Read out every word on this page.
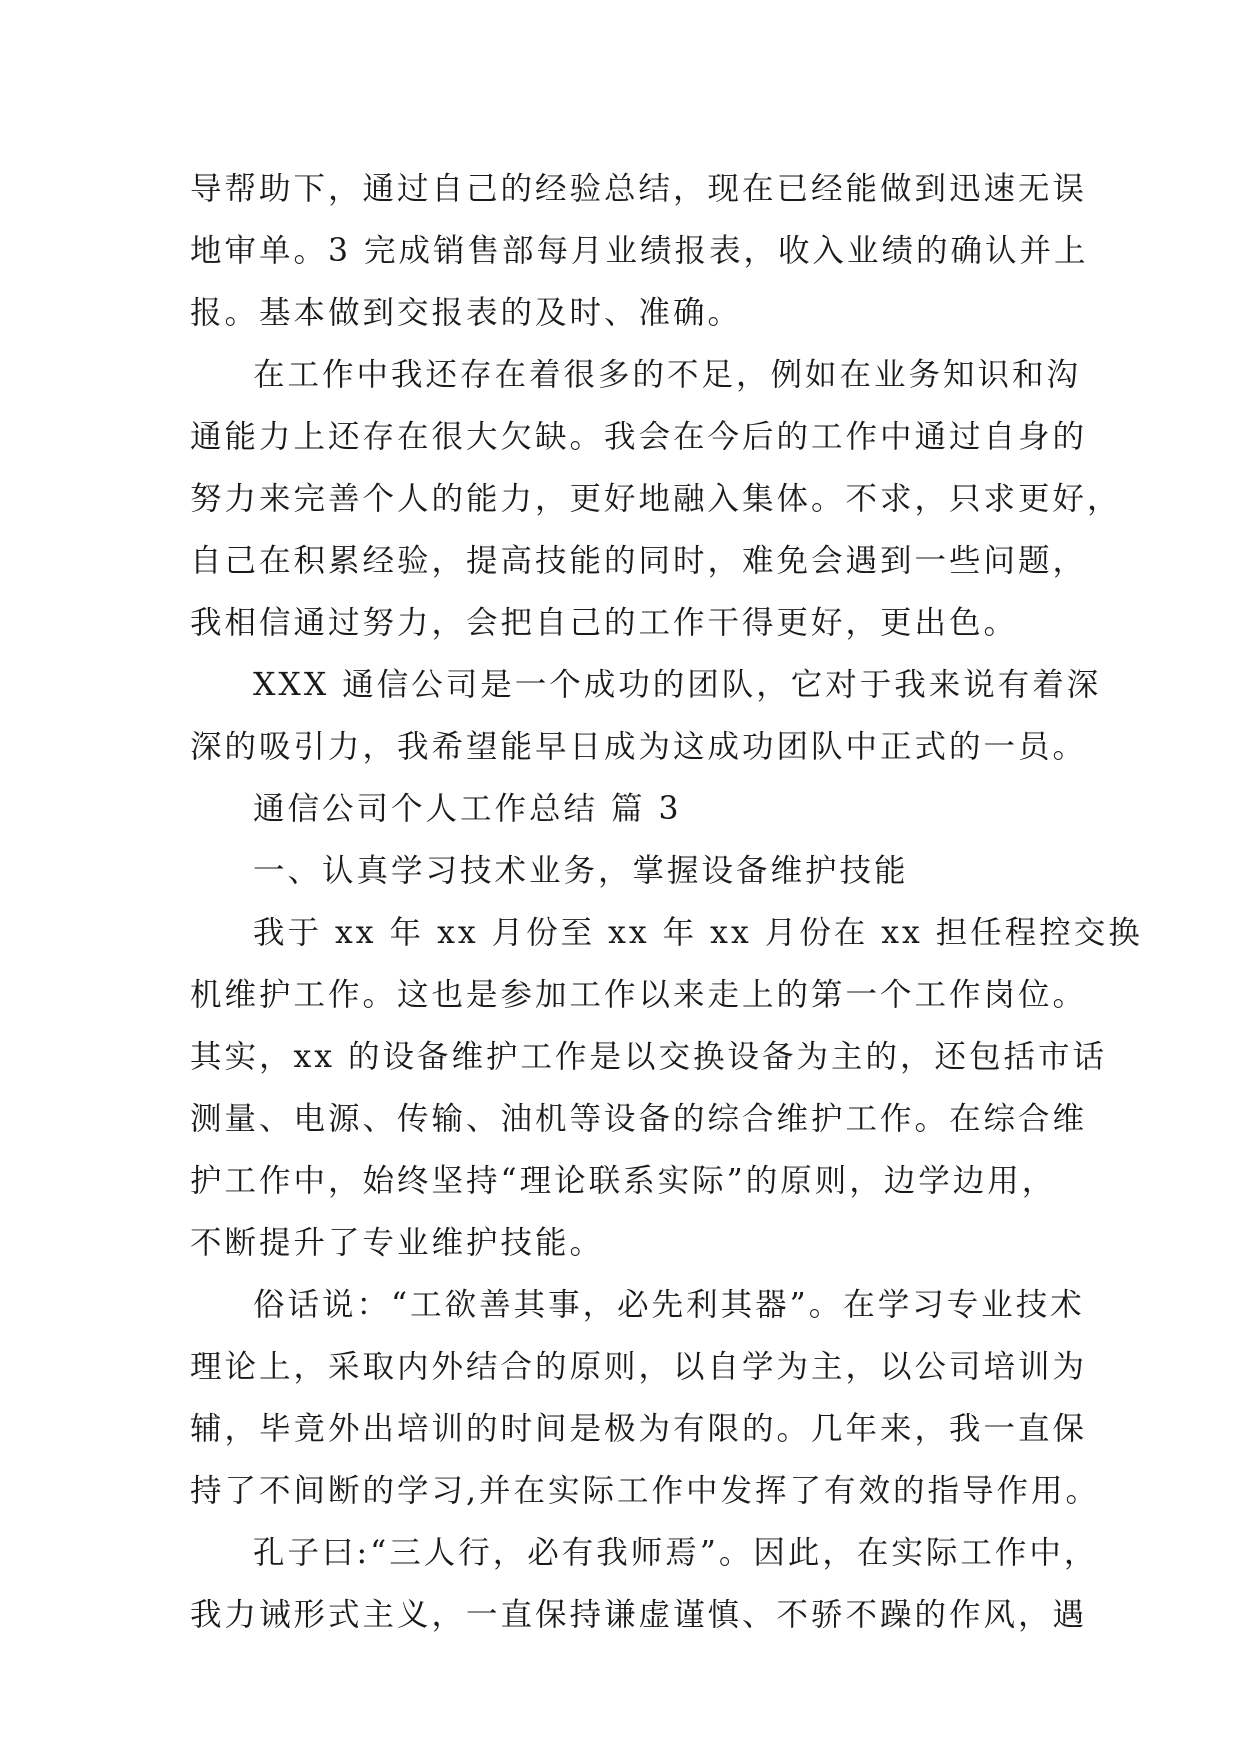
导帮助下，通过自己的经验总结，现在已经能做到迅速无误
地审单。3 完成销售部每月业绩报表，收入业绩的确认并上
报。基本做到交报表的及时、准确。

在工作中我还存在着很多的不足，例如在业务知识和沟
通能力上还存在很大欠缺。我会在今后的工作中通过自身的
努力来完善个人的能力，更好地融入集体。不求，只求更好，
自己在积累经验，提高技能的同时，难免会遇到一些问题，
我相信通过努力，会把自己的工作干得更好，更出色。

XXX 通信公司是一个成功的团队，它对于我来说有着深
深的吸引力，我希望能早日成为这成功团队中正式的一员。

通信公司个人工作总结 篇 3

一、认真学习技术业务，掌握设备维护技能

我于 xx 年 xx 月份至 xx 年 xx 月份在 xx 担任程控交换
机维护工作。这也是参加工作以来走上的第一个工作岗位。
其实，xx 的设备维护工作是以交换设备为主的，还包括市话
测量、电源、传输、油机等设备的综合维护工作。在综合维
护工作中，始终坚持“理论联系实际”的原则，边学边用，
不断提升了专业维护技能。

俗话说：“工欲善其事，必先利其器”。在学习专业技术
理论上，采取内外结合的原则，以自学为主，以公司培训为
辅，毕竟外出培训的时间是极为有限的。几年来，我一直保
持了不间断的学习,并在实际工作中发挥了有效的指导作用。

孔子曰:“三人行，必有我师焉”。因此，在实际工作中，
我力诫形式主义，一直保持谦虚谨慎、不骄不躁的作风，遇
